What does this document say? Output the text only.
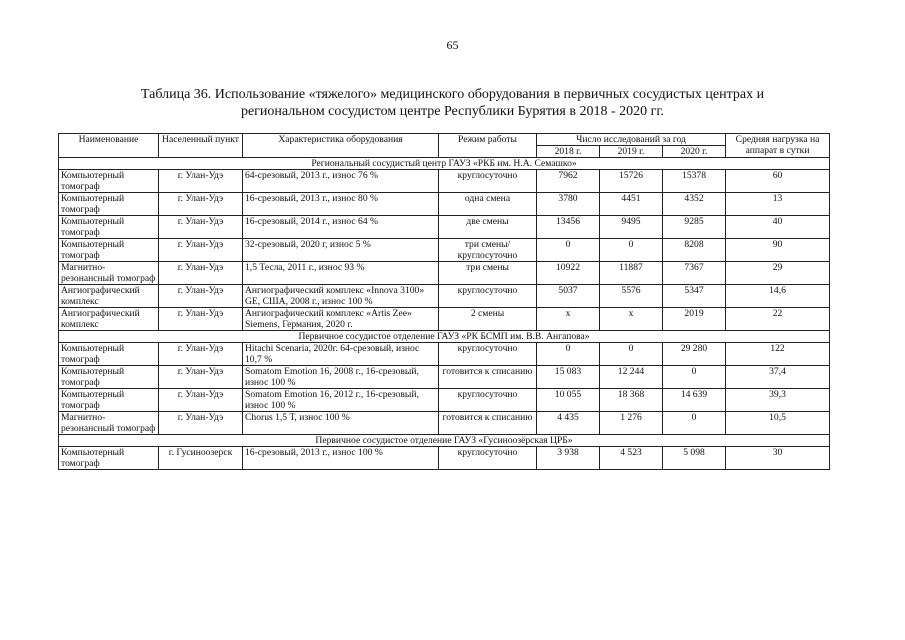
65
Таблица 36. Использование «тяжелого» медицинского оборудования в первичных сосудистых центрах и
региональном сосудистом центре Республики Бурятия в 2018 - 2020 гг.
Наименование	Населенный пункт	Характеристика оборудования	Режим работы	Число исследований за год			Средняя нагрузка на аппарат в сутки
				2018 г.	2019 г.	2020 г.	
Региональный сосудистый центр ГАУЗ «РКБ им. Н.А. Семашко»							
Компьютерный томограф	г. Улан-Удэ	64-срезовый, 2013 г., износ 76 %	круглосуточно	7962	15726	15378	60
Компьютерный томограф	г. Улан-Удэ	16-срезовый, 2013 г., износ 80 %	одна смена	3780	4451	4352	13
Компьютерный томограф	г. Улан-Удэ	16-срезовый, 2014 г., износ 64 %	две смены	13456	9495	9285	40
Компьютерный томограф	г. Улан-Удэ	32-срезовый, 2020 г, износ 5 %	три смены/ круглосуточно	0	0	8208	90
Магнитно-резонансный томограф	г. Улан-Удэ	1,5 Тесла, 2011 г., износ 93 %	три смены	10922	11887	7367	29
Ангиографический комплекс	г. Улан-Удэ	Ангиографический комплекс «Innova 3100» GE, США, 2008 г., износ 100 %	круглосуточно	5037	5576	5347	14,6
Ангиографический комплекс	г. Улан-Удэ	Ангиографический комплекс «Artis Zee» Siemens, Германия, 2020 г.	2 смены	х	х	2019	22
Первичное сосудистое отделение ГАУЗ «РК БСМП им. В.В. Ангапова»							
Компьютерный томограф	г. Улан-Удэ	Hitachi Scenaria, 2020г. 64-срезовый, износ 10,7 %	круглосуточно	0	0	29 280	122
Компьютерный томограф	г. Улан-Удэ	Somatom Emotion 16, 2008 г., 16-срезовый, износ 100 %	готовится к списанию	15 083	12 244	0	37,4
Компьютерный томограф	г. Улан-Удэ	Somatom Emotion 16, 2012 г., 16-срезовый, износ 100 %	круглосуточно	10 055	18 368	14 639	39,3
Магнитно-резонансный томограф	г. Улан-Удэ	Chorus 1,5 Т, износ 100 %	готовится к списанию	4 435	1 276	0	10,5
Первичное сосудистое отделение ГАУЗ «Гусиноозёрская ЦРБ»							
Компьютерный томограф	г. Гусиноозерск	16-срезовый, 2013 г., износ 100 %	круглосуточно	3 938	4 523	5 098	30
